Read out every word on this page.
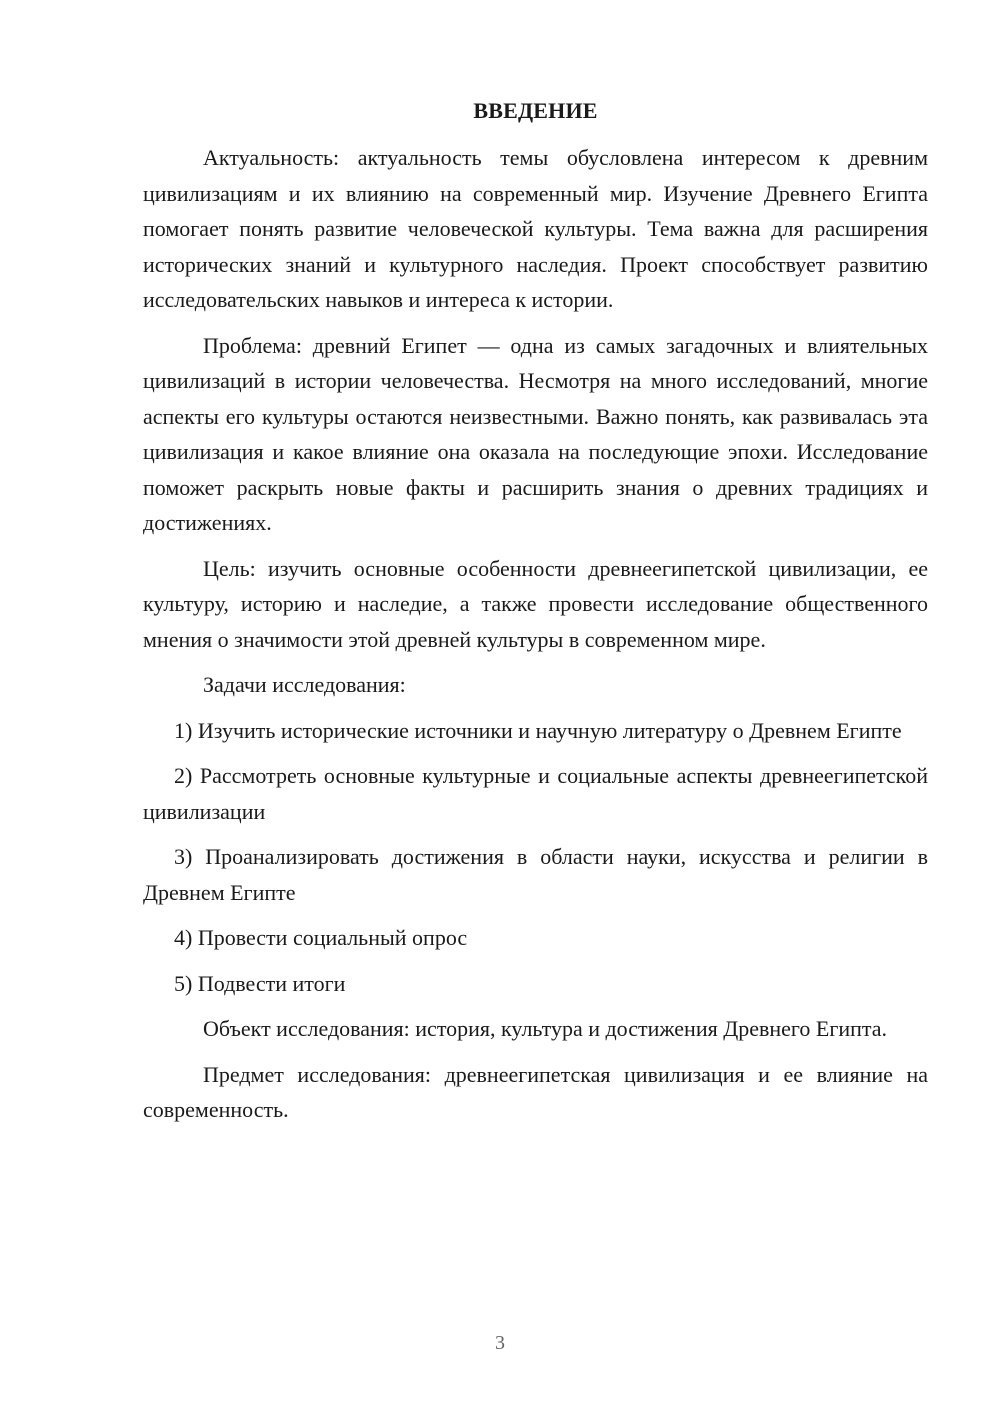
ВВЕДЕНИЕ

Актуальность: актуальность темы обусловлена интересом к древним цивилизациям и их влиянию на современный мир. Изучение Древнего Египта помогает понять развитие человеческой культуры. Тема важна для расширения исторических знаний и культурного наследия. Проект способствует развитию исследовательских навыков и интереса к истории.

Проблема: древний Египет — одна из самых загадочных и влиятельных цивилизаций в истории человечества. Несмотря на много исследований, многие аспекты его культуры остаются неизвестными. Важно понять, как развивалась эта цивилизация и какое влияние она оказала на последующие эпохи. Исследование поможет раскрыть новые факты и расширить знания о древних традициях и достижениях.

Цель: изучить основные особенности древнеегипетской цивилизации, ее культуру, историю и наследие, а также провести исследование общественного мнения о значимости этой древней культуры в современном мире.

Задачи исследования:

1) Изучить исторические источники и научную литературу о Древнем Египте

2) Рассмотреть основные культурные и социальные аспекты древнеегипетской цивилизации

3) Проанализировать достижения в области науки, искусства и религии в Древнем Египте

4) Провести социальный опрос

5) Подвести итоги

Объект исследования: история, культура и достижения Древнего Египта.

Предмет исследования: древнеегипетская цивилизация и ее влияние на современность.

3
